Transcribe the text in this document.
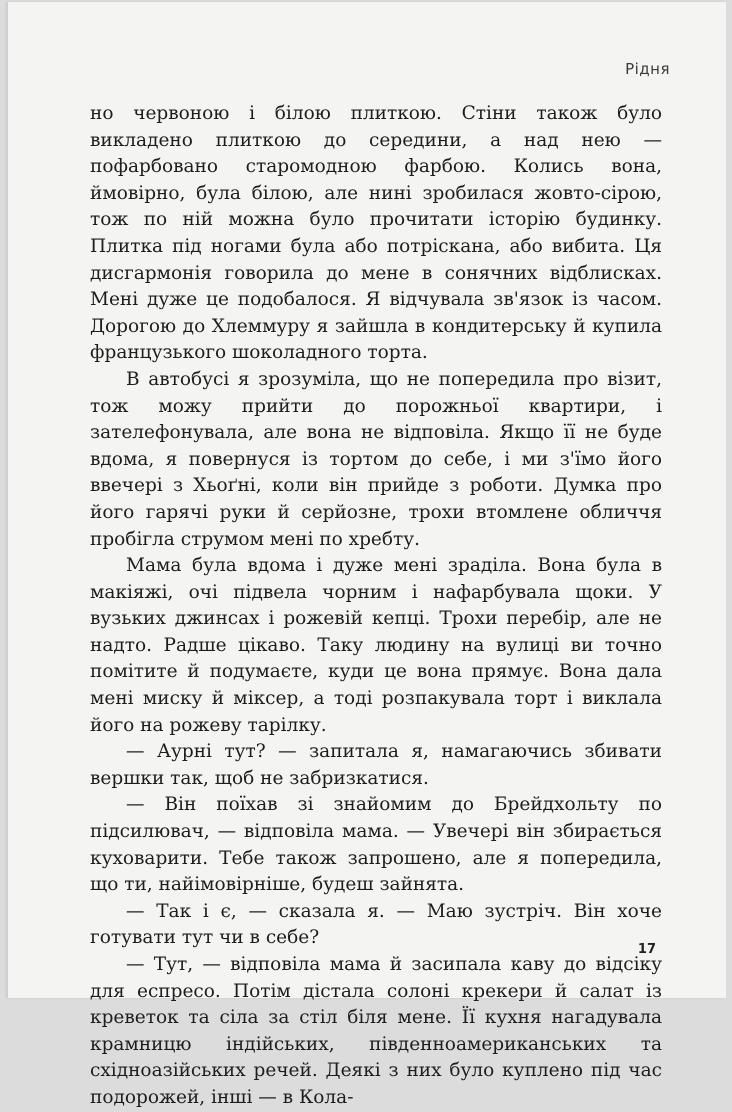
Рідня

но червоною і білою плиткою. Стіни також було викладено плиткою до середини, а над нею — пофарбовано старомодною фарбою. Колись вона, ймовірно, була білою, але нині зробилася жовто-сірою, тож по ній можна було прочитати історію будинку. Плитка під ногами була або потріскана, або вибита. Ця дисгармонія говорила до мене в сонячних відблисках. Мені дуже це подобалося. Я відчувала зв'язок із часом. Дорогою до Хлеммуру я зайшла в кондитерську й купила французького шоколадного торта.

В автобусі я зрозуміла, що не попередила про візит, тож можу прийти до порожньої квартири, і зателефонувала, але вона не відповіла. Якщо її не буде вдома, я повернуся із тортом до себе, і ми з'їмо його ввечері з Хьоґні, коли він прийде з роботи. Думка про його гарячі руки й серйозне, трохи втомлене обличчя пробігла струмом мені по хребту.

Мама була вдома і дуже мені зраділа. Вона була в макіяжі, очі підвела чорним і нафарбувала щоки. У вузьких джинсах і рожевій кепці. Трохи перебір, але не надто. Радше цікаво. Таку людину на вулиці ви точно помітите й подумаєте, куди це вона прямує. Вона дала мені миску й міксер, а тоді розпакувала торт і виклала його на рожеву тарілку.

— Аурні тут? — запитала я, намагаючись збивати вершки так, щоб не забризкатися.

— Він поїхав зі знайомим до Брейдхольту по підсилювач, — відповіла мама. — Увечері він збирається куховарити. Тебе також запрошено, але я попередила, що ти, найімовірніше, будеш зайнята.

— Так і є, — сказала я. — Маю зустріч. Він хоче готувати тут чи в себе?

— Тут, — відповіла мама й засипала каву до відсіку для еспресо. Потім дістала солоні крекери й салат із креветок та сіла за стіл біля мене. Її кухня нагадувала крамницю індійських, південноамериканських та східноазійських речей. Деякі з них було куплено під час подорожей, інші — в Кола-

17
